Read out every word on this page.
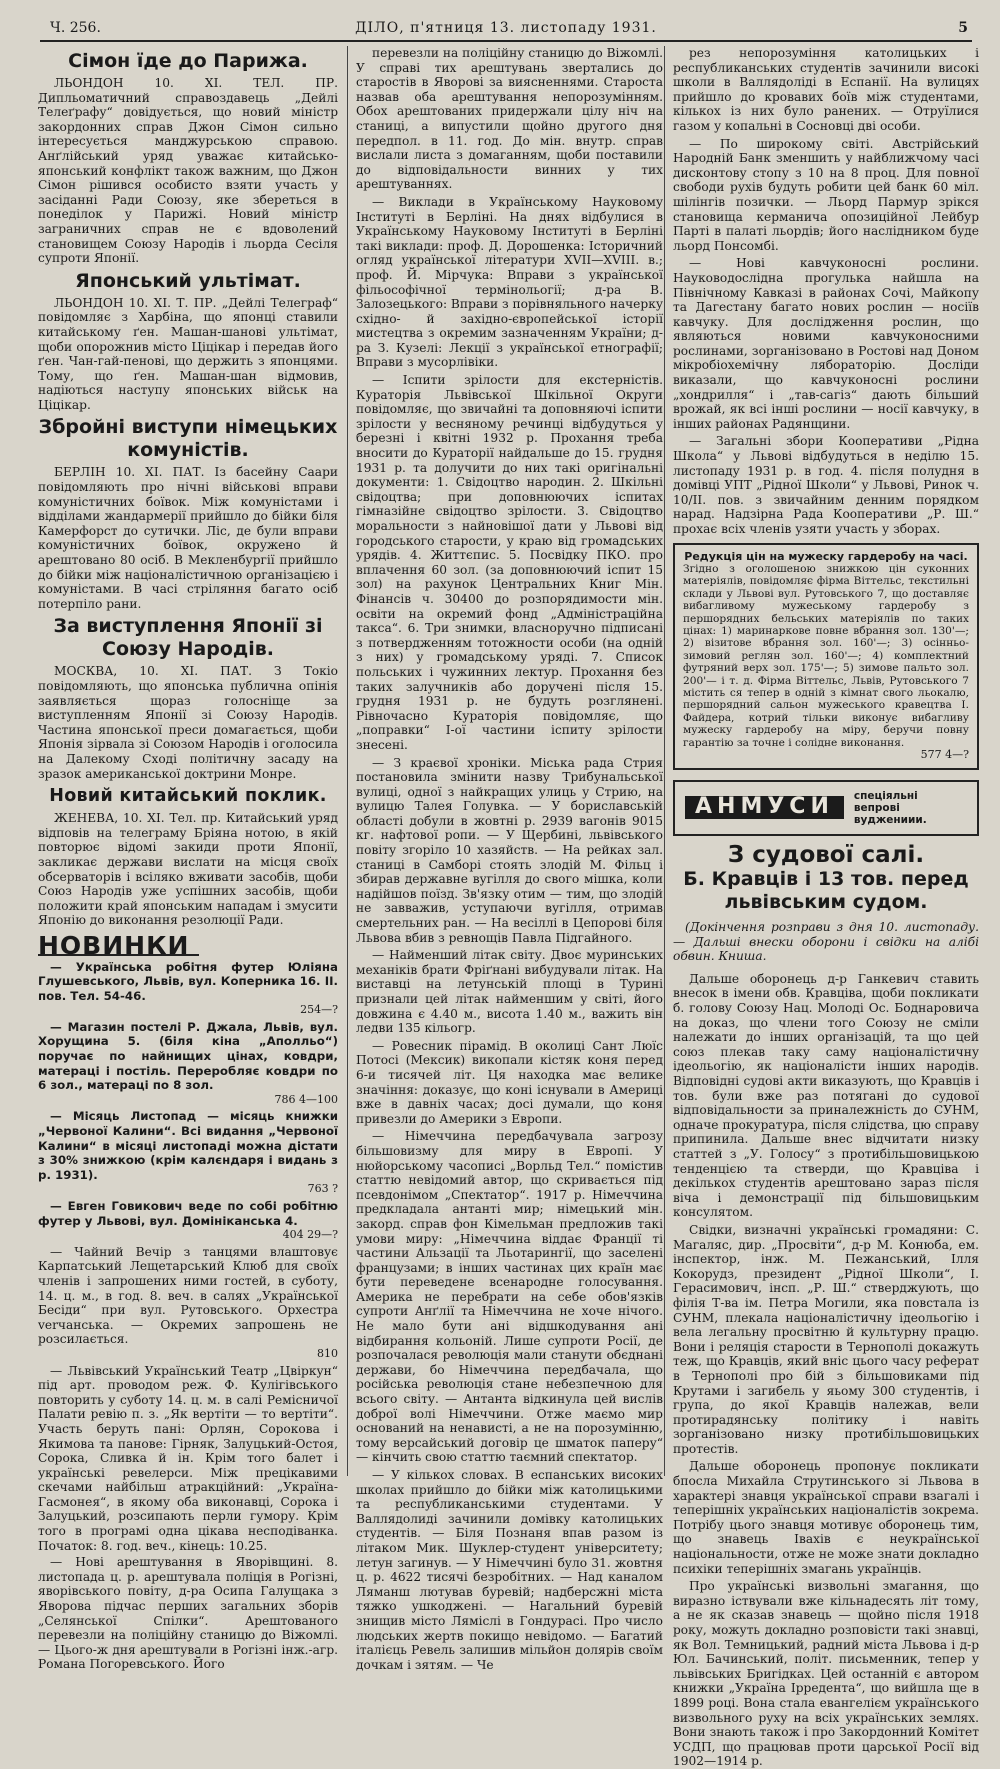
Ч. 256.	ДІЛО, п'ятниця 13. листопаду 1931.	5
Сімон їде до Парижа.

ЛЬОНДОН 10. XI. ТЕЛ. ПР. Дипльоматичний справоздавець „Дейлі Телеґрафу“ довідується, що новий міністр закордонних справ Джон Сімон сильно інтересується манджурською справою. Анґлійський уряд уважає китайсько-японський конфлікт також важним, що Джон Сімон рішився особисто взяти участь у засіданні Ради Союзу, яке збереться в понеділок у Парижі. Новий міністр заграничних справ не є вдоволений становищем Союзу Народів і льорда Сесіля супроти Японії.

Японський ультімат.

ЛЬОНДОН 10. XI. Т. ПР. „Дейлі Телеграф“ повідомляє з Харбіна, що японці ставили китайському ґен. Машан-шанові ультімат, щоби опорожнив місто Ціцікар і передав його ґен. Чан-гай-пенові, що держить з японцями. Тому, що ґен. Машан-шан відмовив, надіються наступу японських військ на Ціцікар.

Збройні виступи німецьких комуністів.

БЕРЛІН 10. XI. ПАТ. Із басейну Саари повідомляють про нічні військові вправи комуністичних боївок. Між комуністами і відділами жандармерії прийшло до бійки біля Камерфорст до сутички. Ліс, де були вправи комуністичних боївок, окружено й арештовано 80 осіб. В Мекленбургії прийшло до бійки між націоналістичною організацією і комуністами. В часі стріляння багато осіб потерпіло рани.

За виступлення Японії зі Союзу Народів.

МОСКВА, 10. XI. ПАТ. З Токіо повідомляють, що японська публична опінія заявляється щораз голосніще за виступленням Японії зі Союзу Народів. Частина японської преси домагається, щоби Японія зірвала зі Союзом Народів і оголосила на Далекому Сході політичну засаду на зразок американської доктрини Монре.

Новий китайський поклик.

ЖЕНЕВА, 10. XI. Тел. пр. Китайський уряд відповів на телеграму Бріяна нотою, в якій повторює відомі закиди проти Японії, закликає держави вислати на місця своїх обсерваторів і всіляко вживати засобів, щоби Союз Народів уже успішних засобів, щоби положити край японським нападам і змусити Японію до виконання резолюції Ради.

НОВИНКИ
— Українська робітня футер Юліяна Глушевського, Львів, вул. Коперника 16. II. пов. Тел. 54-46.
254—?
— Магазин постелі Р. Джала, Львів, вул. Хорущина 5. (біля кіна „Аполльо“) поручає по найнищих цінах, ковдри, матераці і постіль. Переробляє ковдри по 6 зол., матераці по 8 зол.
786 4—100
— Місяць Листопад — місяць книжки „Червоної Калини“. Всі видання „Червоної Калини“ в місяці листопаді можна дістати з 30% знижкою (крім калєндаря і видань з р. 1931).
763 ?
— Евген Говикович веде по собі робітню футер у Львові, вул. Домініканська 4.
404 29—?
— Чайний Вечір з танцями влаштовує Карпатський Лещетарський Клюб для своїх членів і запрошених ними гостей, в суботу, 14. ц. м., в год. 8. веч. в салях „Української Бесіди“ при вул. Рутовського. Орхестра verчанська. — Окремих запрошень не розсилається.
810
— Львівський Український Театр „Цвіркун“ під арт. проводом реж. Ф. Кулігівського повторить у суботу 14. ц. м. в салі Ремісничої Палати ревію п. з. „Як вертіти — то вертіти“. Участь беруть пані: Орлян, Сорокова і Якимова та панове: Гірняк, Залуцький-Остоя, Сорока, Сливка й ін. Крім того балет і українські ревелерси. Між прецікавими скечами найбільш атракційний: „Україна-Гасмонея“, в якому оба виконавці, Сорока і Залуцький, розсипають перли гумору. Крім того в програмі одна цікава несподіванка. Початок: 8. год. веч., кінець: 10.25.
— Нові арештування в Яворівщині. 8. листопада ц. р. арештувала поліція в Рогізні, яворівського повіту, д-ра Осипа Галущака з Яворова підчас перших загальних зборів „Селянської Спілки“. Арештованого перевезли на поліційну станицю до Віжомлі. — Цього-ж дня арештували в Рогізні інж.-агр. Романа Погоревського. Його

перевезли на поліційну станицю до Віжомлі. У справі тих арештувань звертались до старостів в Яворові за виясненнями. Староста назвав оба арештування непорозумінням. Обох арештованих придержали цілу ніч на станиці, а випустили щойно другого дня передпол. в 11. год. До мін. внутр. справ вислали листа з домаганням, щоби поставили до відповідальности винних у тих арештуваннях.

— Виклади в Українському Науковому Інституті в Берліні. На днях відбулися в Українському Науковому Інституті в Берліні такі виклади: проф. Д. Дорошенка: Історичний огляд української літератури XVII—XVIII. в.; проф. Й. Мірчука: Вправи з української фільософічної термінольогії; д-ра В. Залозецького: Вправи з порівняльного начерку східно- й західно-європейської історії мистецтва з окремим зазначенням України; д-ра З. Кузелі: Лекції з української етнографії; Вправи з мусорлівіки.

— Іспити зрілости для екстерністів. Кураторія Львівської Шкільної Округи повідомляє, що звичайні та доповняючі іспити зрілости у весняному речинці відбудуться у березні і квітні 1932 р. Прохання треба вносити до Кураторії найдальше до 15. грудня 1931 р. та долучити до них такі оригінальні документи: 1. Свідоцтво народин. 2. Шкільні свідоцтва; при доповнюючих іспитах гімназійне свідоцтво зрілости. 3. Свідоцтво моральности з найновішої дати у Львові від городського старости, у краю від громадських урядів. 4. Життєпис. 5. Посвідку ПКО. про вплачення 60 зол. (за доповнюючий іспит 15 зол) на рахунок Центральних Книг Мін. Фінансів ч. 30400 до розпорядимости мін. освіти на окремий фонд „Адміністраційна такса“. 6. Три знимки, власноручно підписані з потвердженням тотожности особи (на одній з них) у громадському уряді. 7. Список польських і чужинних лектур. Прохання без таких залучників або доручені після 15. грудня 1931 р. не будуть розглянені. Рівночасно Кураторія повідомляє, що „поправки“ I-ої частини іспиту зрілости знесені.

— З краєвої хроніки. Міська рада Стрия постановила змінити назву Трибунальської вулиці, одної з найкращих улиць у Стрию, на вулицю Талея Голувка. — У бориславській області добули в жовтні р. 2939 вагонів 9015 кг. нафтової ропи. — У Щербині, львівського повіту згоріло 10 хазяйств. — На рейках зал. станиці в Самборі стоять злодій М. Фільц і збирав державне вугілля до свого мішка, коли надійшов поїзд. Зв'язку отим — тим, що злодій не завважив, уступаючи вугілля, отримав смертельних ран. — На весіллі в Цепорові біля Львова вбив з ревнощів Павла Підгайного.

— Найменший літак світу. Двоє муринських механіків брати Фріґнані вибудували літак. На виставці на летунській площі в Турині признали цей літак найменшим у світі, його довжина є 4.40 м., висота 1.40 м., важить він ледви 135 кільогр.

— Ровесник пірамід. В околиці Сант Люїс Потосі (Мексик) викопали кістяк коня перед 6-и тисячей літ. Ця находка має велике значіння: доказує, що коні існували в Америці вже в давніх часах; досі думали, що коня привезли до Америки з Европи.

— Німеччина передбачувала загрозу більшовизму для миру в Европі. У нюйорському часописі „Ворльд Тел.“ помістив статтю невідомий автор, що скривається під псевдонімом „Спектатор“. 1917 р. Німеччина предкладала антанті мир; німецький мін. закорд. справ фон Кімельман предложив такі умови миру: „Німеччина віддає Франції ті частини Альзації та Льотарингії, що заселені французами; в інших частинах цих країн має бути переведене всенародне голосування. Америка не перебрати на себе обов'язків супроти Анґлії та Німеччина не хоче нічого. Не мало бути ані відшкодування ані відбирання кольоній. Лише супроти Росії, де розпочалася революція мали станути обєднані держави, бо Німеччина передбачала, що російська революція стане небезпечною для всього світу. — Антанта відкинула цей вислів доброї волі Німеччини. Отже маємо мир оснований на ненависті, а не на порозумінню, тому версайський договір це шматок паперу“ — кінчить свою статтю таємний спектатор.

— У кількох словах. В еспанських високих школах прийшло до бійки між католицькими та республиканськими студентами. У Валлядолиді зачинили домівку католицьких студентів. — Біля Познаня впав разом із літаком Мик. Шуклер-студент університету; летун загинув. — У Німеччині було 31. жовтня ц. р. 4622 тисячі безробітних. — Над каналом Ляманш лютував буревій; надберсжні міста тяжко ушкоджені. — Нагальний буревій знищив місто Ляміслі в Гондурасі. Про число людських жертв покищо невідомо. — Багатий італієць Ревель залишив мільйон долярів своїм дочкам і зятям. — Че

рез непорозуміння католицьких і республиканських студентів зачинили високі школи в Валлядоліді в Еспанії. На вулицях прийшло до кровавих боїв між студентами, кількох із них було ранених. — Отруїлися газом у копальні в Сосновці дві особи.

— По широкому світі. Австрійський Народній Банк зменшить у найближчому часі дисконтову стопу з 10 на 8 проц. Для повної свободи рухів будуть робити цей банк 60 міл. шілінгів позички. — Льорд Пармур зрікся становища керманича опозиційної Лейбур Парті в палаті льордів; його наслідником буде льорд Понсомбі.

— Нові кавчуконосні рослини. Науководослідна прогулька найшла на Північному Кавказі в районах Сочі, Майкопу та Дагестану багато нових рослин — носіїв кавчуку. Для дослідження рослин, що являються новими кавчуконосними рослинами, зорганізовано в Ростові над Доном мікробіохемічну лябораторію. Досліди виказали, що кавчуконосні рослини „хондрилля“ і „тав-сагіз“ дають більший врожай, як всі інші рослини — носії кавчуку, в інших районах Радянщини.

— Загальні збори Кооперативи „Рідна Школа“ у Львові відбудуться в неділю 15. листопаду 1931 р. в год. 4. після полудня в домівці УПТ „Рідної Школи“ у Львові, Ринок ч. 10/II. пов. з звичайним денним порядком нарад. Надзірна Рада Кооперативи „Р. Ш.“ прохає всіх членів узяти участь у зборах.

Редукція цін на мужеску гардеробу на часі.
Згідно з оголошеною знижкою цін суконних матеріялів, повідомляє фірма Віттельс, текстильні склади у Львові вул. Рутовського 7, що доставляє вибагливому мужеському гардеробу з першорядних бельських матеріялів по таких цінах: 1) маринаркове повне вбрання зол. 130'—; 2) візитове вбрання зол. 160'—; 3) осінньо-зимовий реглян зол. 160'—; 4) комплектний футряний верх зол. 175'—; 5) зимове пальто зол. 200'— і т. д. Фірма Віттельс, Львів, Рутовського 7 містить ся тепер в одній з кімнат свого льокалю, першорядний сальон мужеського кравецтва І. Файдера, котрий тільки виконує вибагливу мужеску гардеробу на міру, беручи повну гарантію за точне і солідне виконання.
577 4—?
АНМУСИ	спеціяльні вепрові вуджениии.
З судової салі.
Б. Кравців і 13 тов. перед львівським судом.

(Докінчення розправи з дня 10. листопаду. — Дальші внески оборони і свідки на алібі обвин. Книша.

Дальше оборонець д-р Ганкевич ставить внесок в імени обв. Кравціва, щоби покликати б. голову Союзу Нац. Молоді Ос. Боднаровича на доказ, що члени того Союзу не сміли належати до інших організацій, та що цей союз плекав таку саму націоналістичну ідеольогію, як націоналісти інших народів. Відповідні судові акти виказують, що Кравців і тов. були вже раз потягані до судової відповідальности за приналежність до СУНМ, одначе прокуратура, після слідства, цю справу припинила. Дальше внеc відчитати низку статтей з „У. Голосу“ з протибільшовицькою тенденцією та стверди, що Кравціва і декількох студентів арештовано зараз після віча і демонстрації під більшовицьким консулятом.

Свідки, визначні українські громадяни: С. Магаляс, дир. „Просвіти“, д-р М. Конюба, ем. інспектор, інж. М. Пежанський, Ілля Кокорудз, президент „Рідної Школи“, І. Герасимович, інсп. „Р. Ш.“ стверджують, що філія Т-ва ім. Петра Могили, яка повстала із СУНМ, плекала націоналістичну ідеольогію і вела легальну просвітню й культурну працю. Вони і реляція старости в Тернополі докажуть теж, що Кравців, який вніс цього часу реферат в Тернополі про бій з більшовиками під Крутами і загибель у яьому 300 студентів, і група, до якої Кравців належав, вели протирадянську політику і навіть зорганізовано низку протибільшовицьких протестів.

Дальше оборонець пропонує покликати бпосла Михайла Струтинського зі Львова в характері знавця української справи взагалі і теперішніх українських націоналістів зокрема. Потрібу цього знавця мотивує оборонець тим, що знавець Іваxів є неукраїнської національности, отже не може знати докладно психіки теперішніх змагань українців.

Про українські визвольні змагання, що виразно іствували вже кільнадесять літ тому, а не як сказав знавець — щойно після 1918 року, можуть докладно розповісти такі знавці, як Вол. Темницький, радний міста Львова і д-р Юл. Бачинський, політ. письменник, тепер у львівських Бригідках. Цей останній є автором книжки „Україна Ірредента“, що вийшла ще в 1899 році. Вона стала евангелієм українського визвольного руху на всіх українських землях. Вони знають також і про Закордонний Комітет УСДП, що працював проти царської Росії від 1902—1914 р.
